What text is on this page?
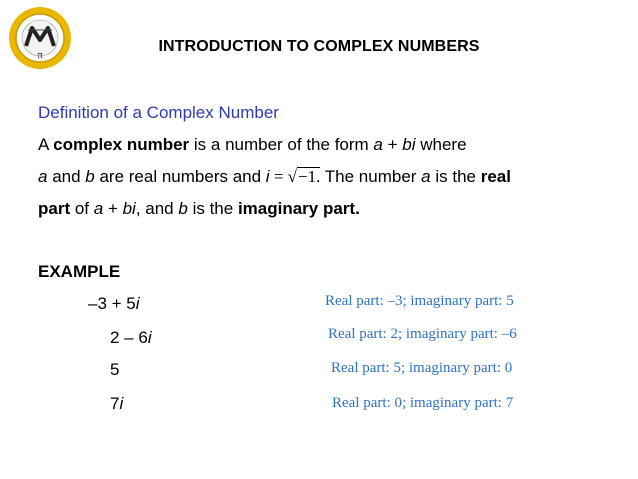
π	INTRODUCTION TO COMPLEX NUMBERS
Definition of a Complex Number
A complex number is a number of the form a + bi where
a and b are real numbers and i = √−1. The number a is the real
part of a + bi, and b is the imaginary part.
EXAMPLE
–3 + 5i	Real part: –3; imaginary part: 5
2 – 6i	Real part: 2; imaginary part: –6
5	Real part: 5; imaginary part: 0
7i	Real part: 0; imaginary part: 7
